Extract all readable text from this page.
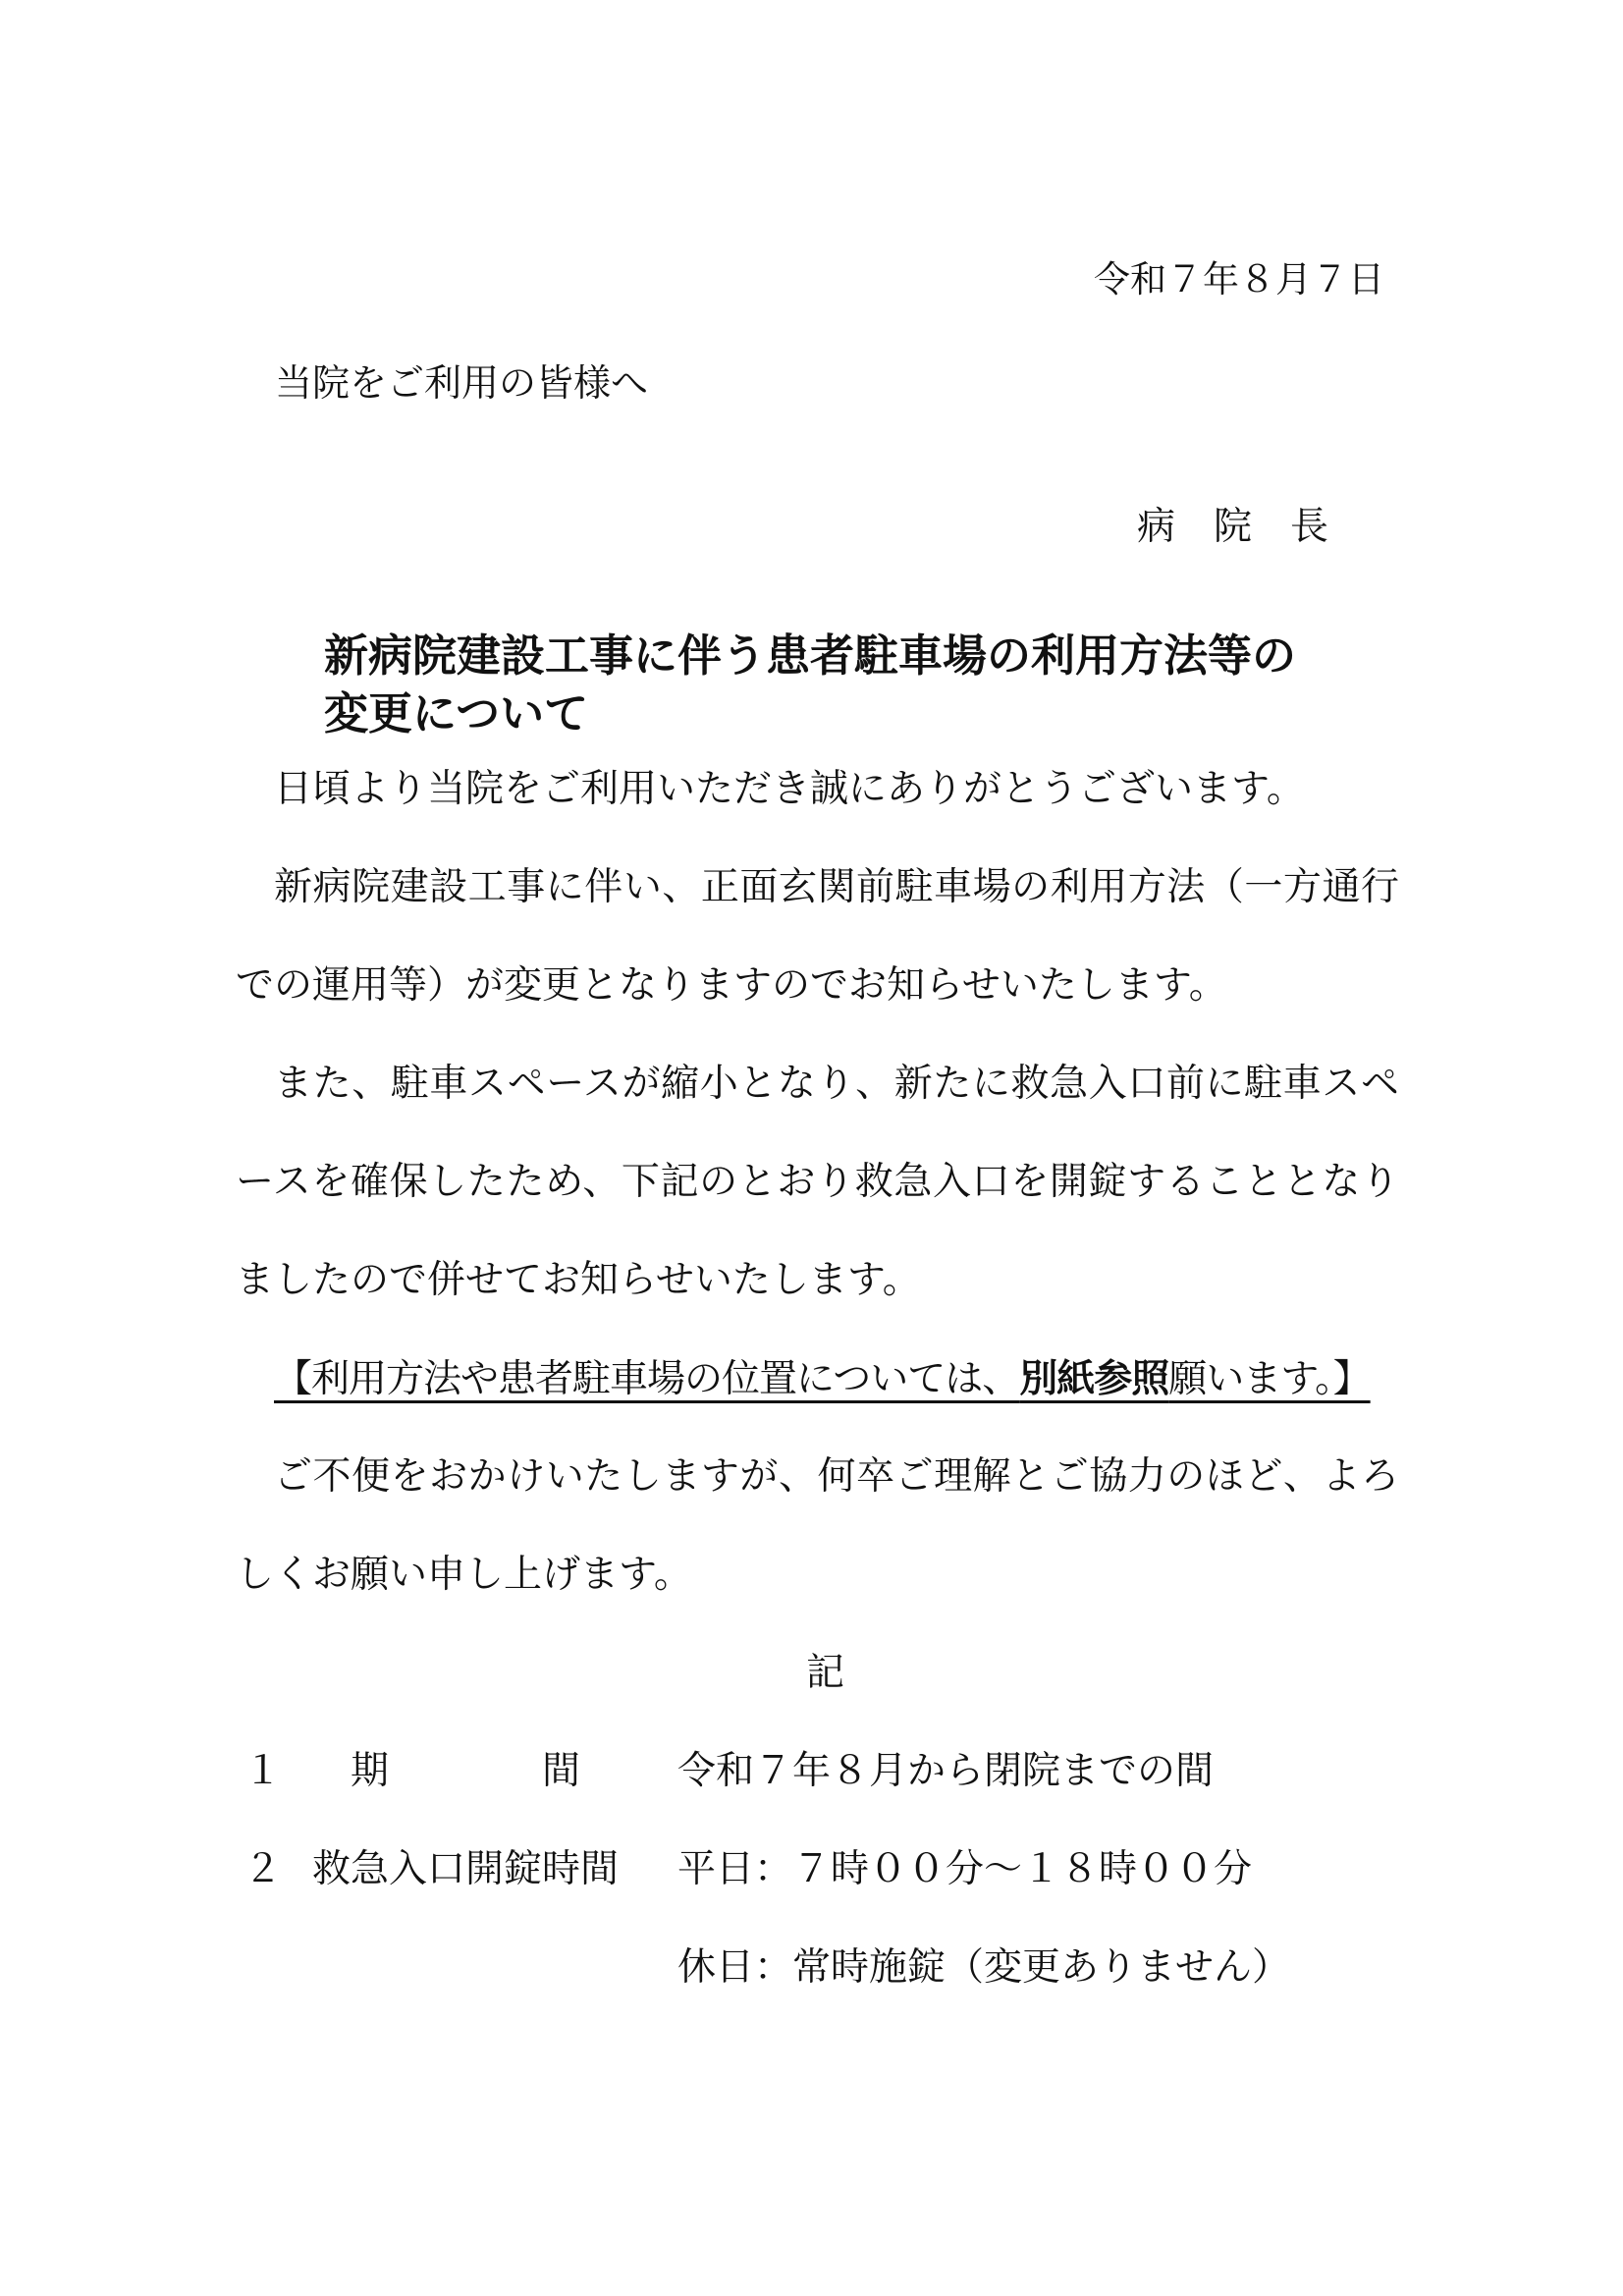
令和７年８月７日
当院をご利用の皆様へ
病　院　長
新病院建設工事に伴う患者駐車場の利用方法等の
変更について
日頃より当院をご利用いただき誠にありがとうございます。
新病院建設工事に伴い、正面玄関前駐車場の利用方法（一方通行
での運用等）が変更となりますのでお知らせいたします。
また、駐車スペースが縮小となり、新たに救急入口前に駐車スペ
ースを確保したため、下記のとおり救急入口を開錠することとなり
ましたので併せてお知らせいたします。
【利用方法や患者駐車場の位置については、別紙参照願います。】
ご不便をおかけいたしますが、何卒ご理解とご協力のほど、よろ
しくお願い申し上げます。
記
１ 期　　　　間	令和７年８月から閉院までの間
２ 救急入口開錠時間 平日：７時００分～１８時００分
休日：常時施錠（変更ありません）
